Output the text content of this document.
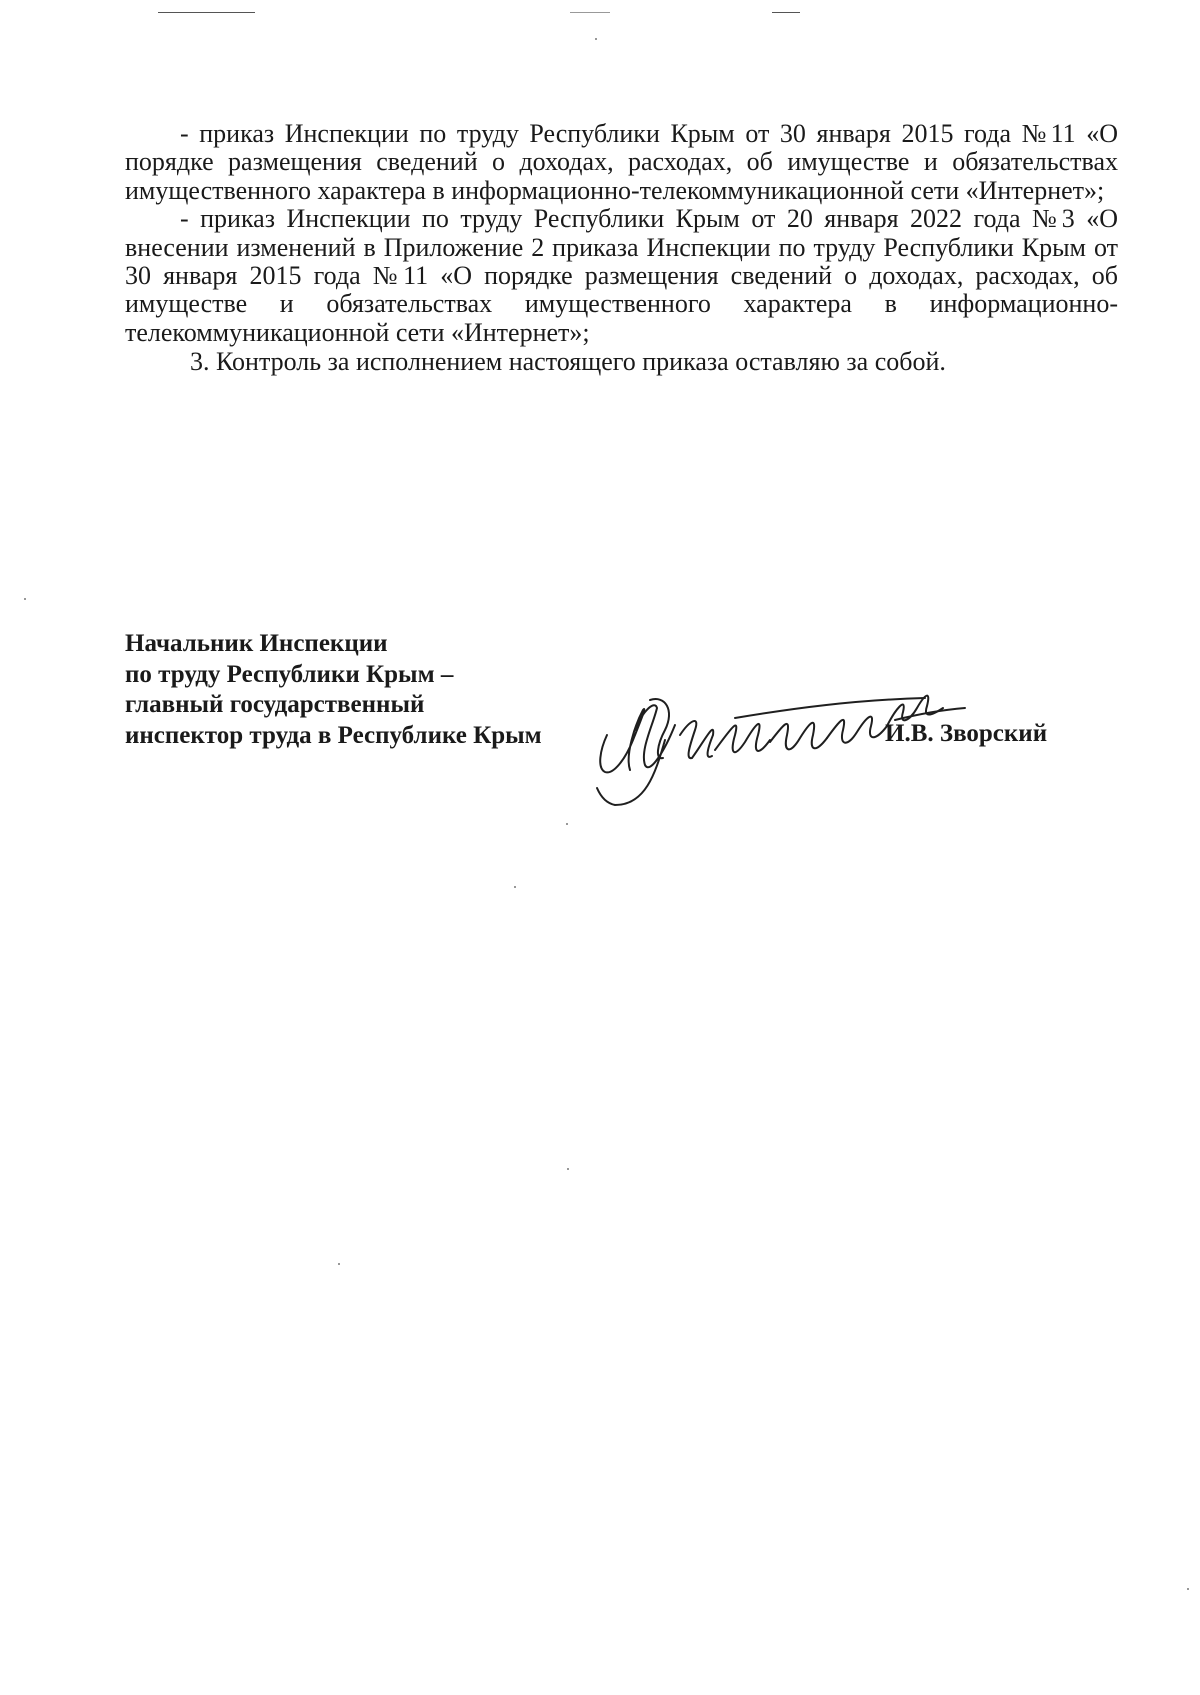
- приказ Инспекции по труду Республики Крым от 30 января 2015 года №11 «О порядке размещения сведений о доходах, расходах, об имуществе и обязательствах имущественного характера в информационно-телекоммуникационной сети «Интернет»;

- приказ Инспекции по труду Республики Крым от 20 января 2022 года №3 «О внесении изменений в Приложение 2 приказа Инспекции по труду Республики Крым от 30 января 2015 года №11 «О порядке размещения сведений о доходах, расходах, об имуществе и обязательствах имущественного характера в информационно-телекоммуникационной сети «Интернет»;

3. Контроль за исполнением настоящего приказа оставляю за собой.

Начальник Инспекции
по труду Республики Крым –
главный государственный
инспектор труда в Республике Крым	И.В. Зворский
